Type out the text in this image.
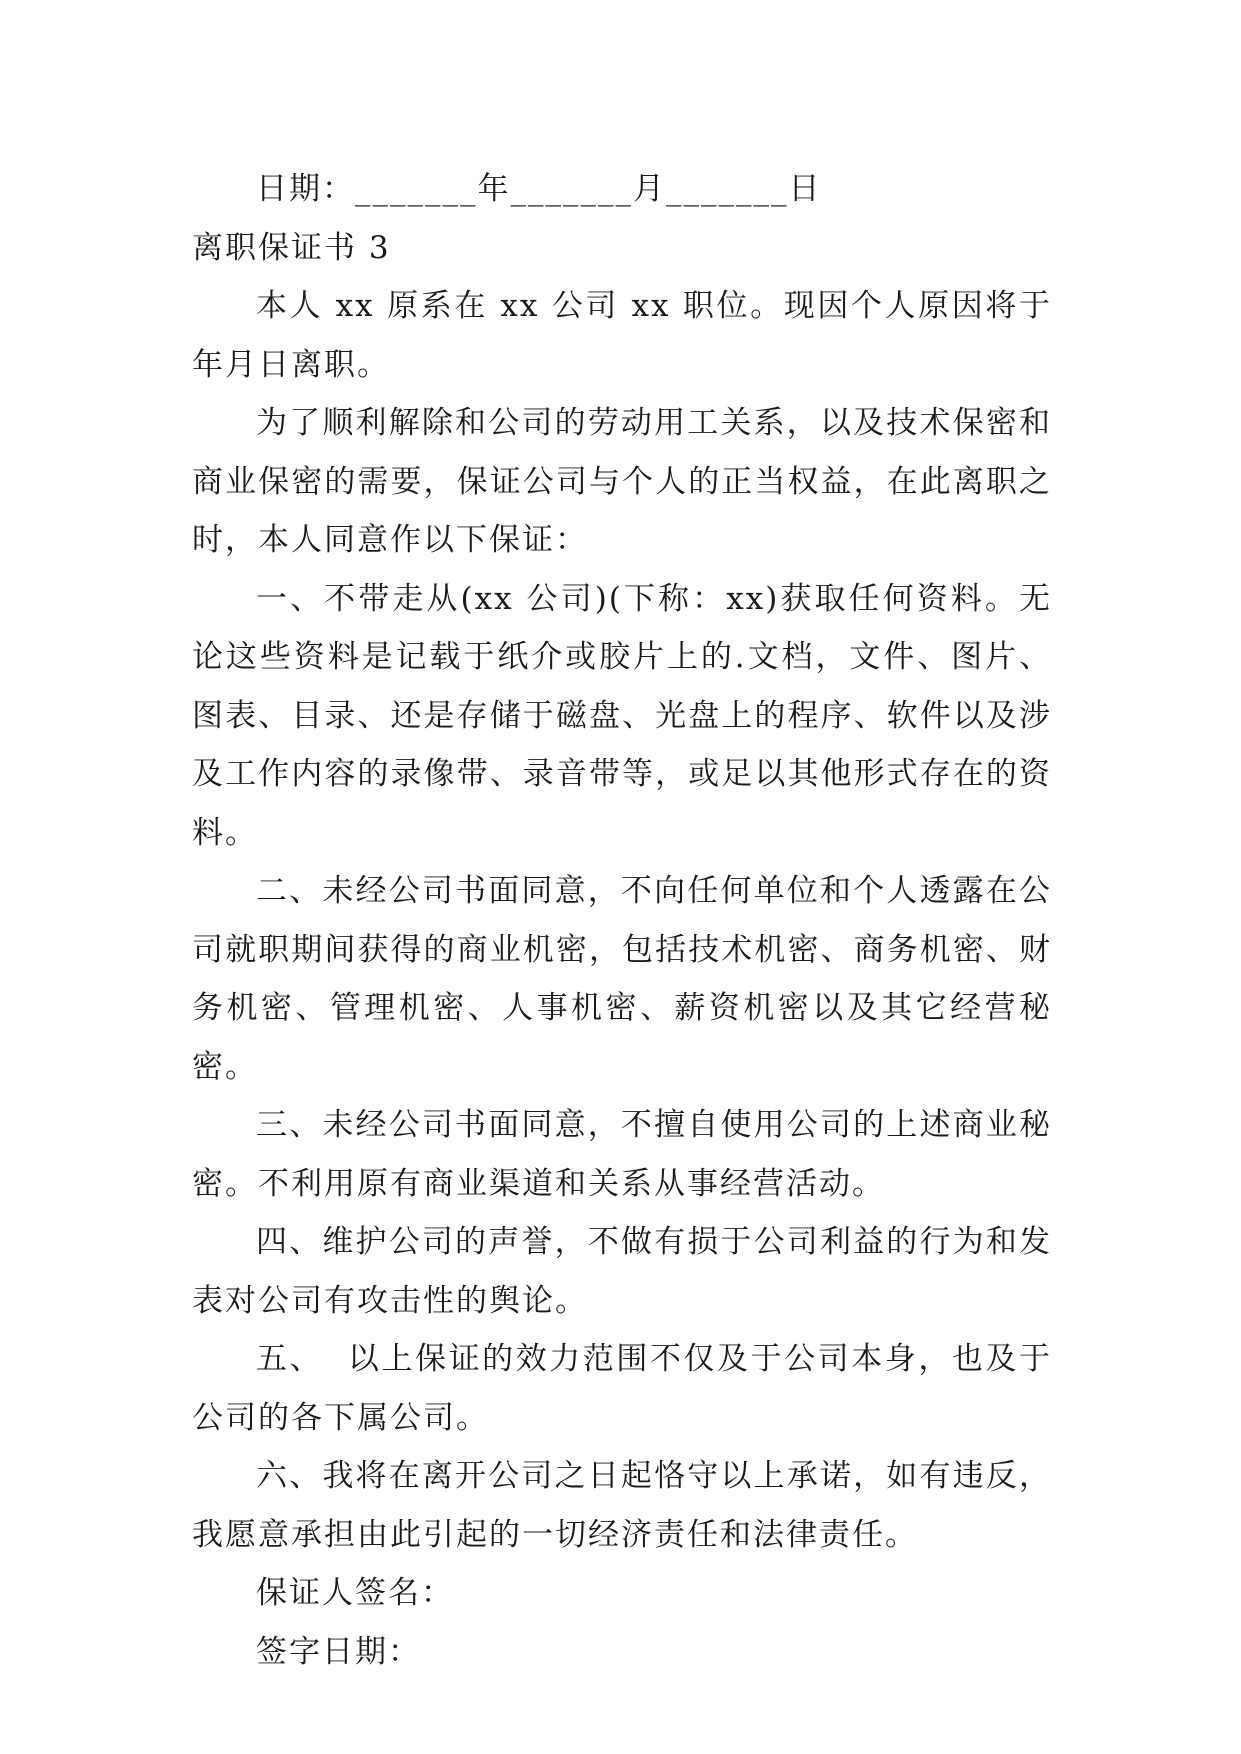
日期：_______年_______月_______日

离职保证书 3

本人 xx 原系在 xx 公司 xx 职位。现因个人原因将于年月日离职。

为了顺利解除和公司的劳动用工关系，以及技术保密和商业保密的需要，保证公司与个人的正当权益，在此离职之时，本人同意作以下保证：

一、不带走从(xx 公司)(下称：xx)获取任何资料。无论这些资料是记载于纸介或胶片上的.文档，文件、图片、图表、目录、还是存储于磁盘、光盘上的程序、软件以及涉及工作内容的录像带、录音带等，或足以其他形式存在的资料。

二、未经公司书面同意，不向任何单位和个人透露在公司就职期间获得的商业机密，包括技术机密、商务机密、财务机密、管理机密、人事机密、薪资机密以及其它经营秘密。

三、未经公司书面同意，不擅自使用公司的上述商业秘密。不利用原有商业渠道和关系从事经营活动。

四、维护公司的声誉，不做有损于公司利益的行为和发表对公司有攻击性的舆论。

五、  以上保证的效力范围不仅及于公司本身，也及于公司的各下属公司。

六、我将在离开公司之日起恪守以上承诺，如有违反，我愿意承担由此引起的一切经济责任和法律责任。

保证人签名：

签字日期：
